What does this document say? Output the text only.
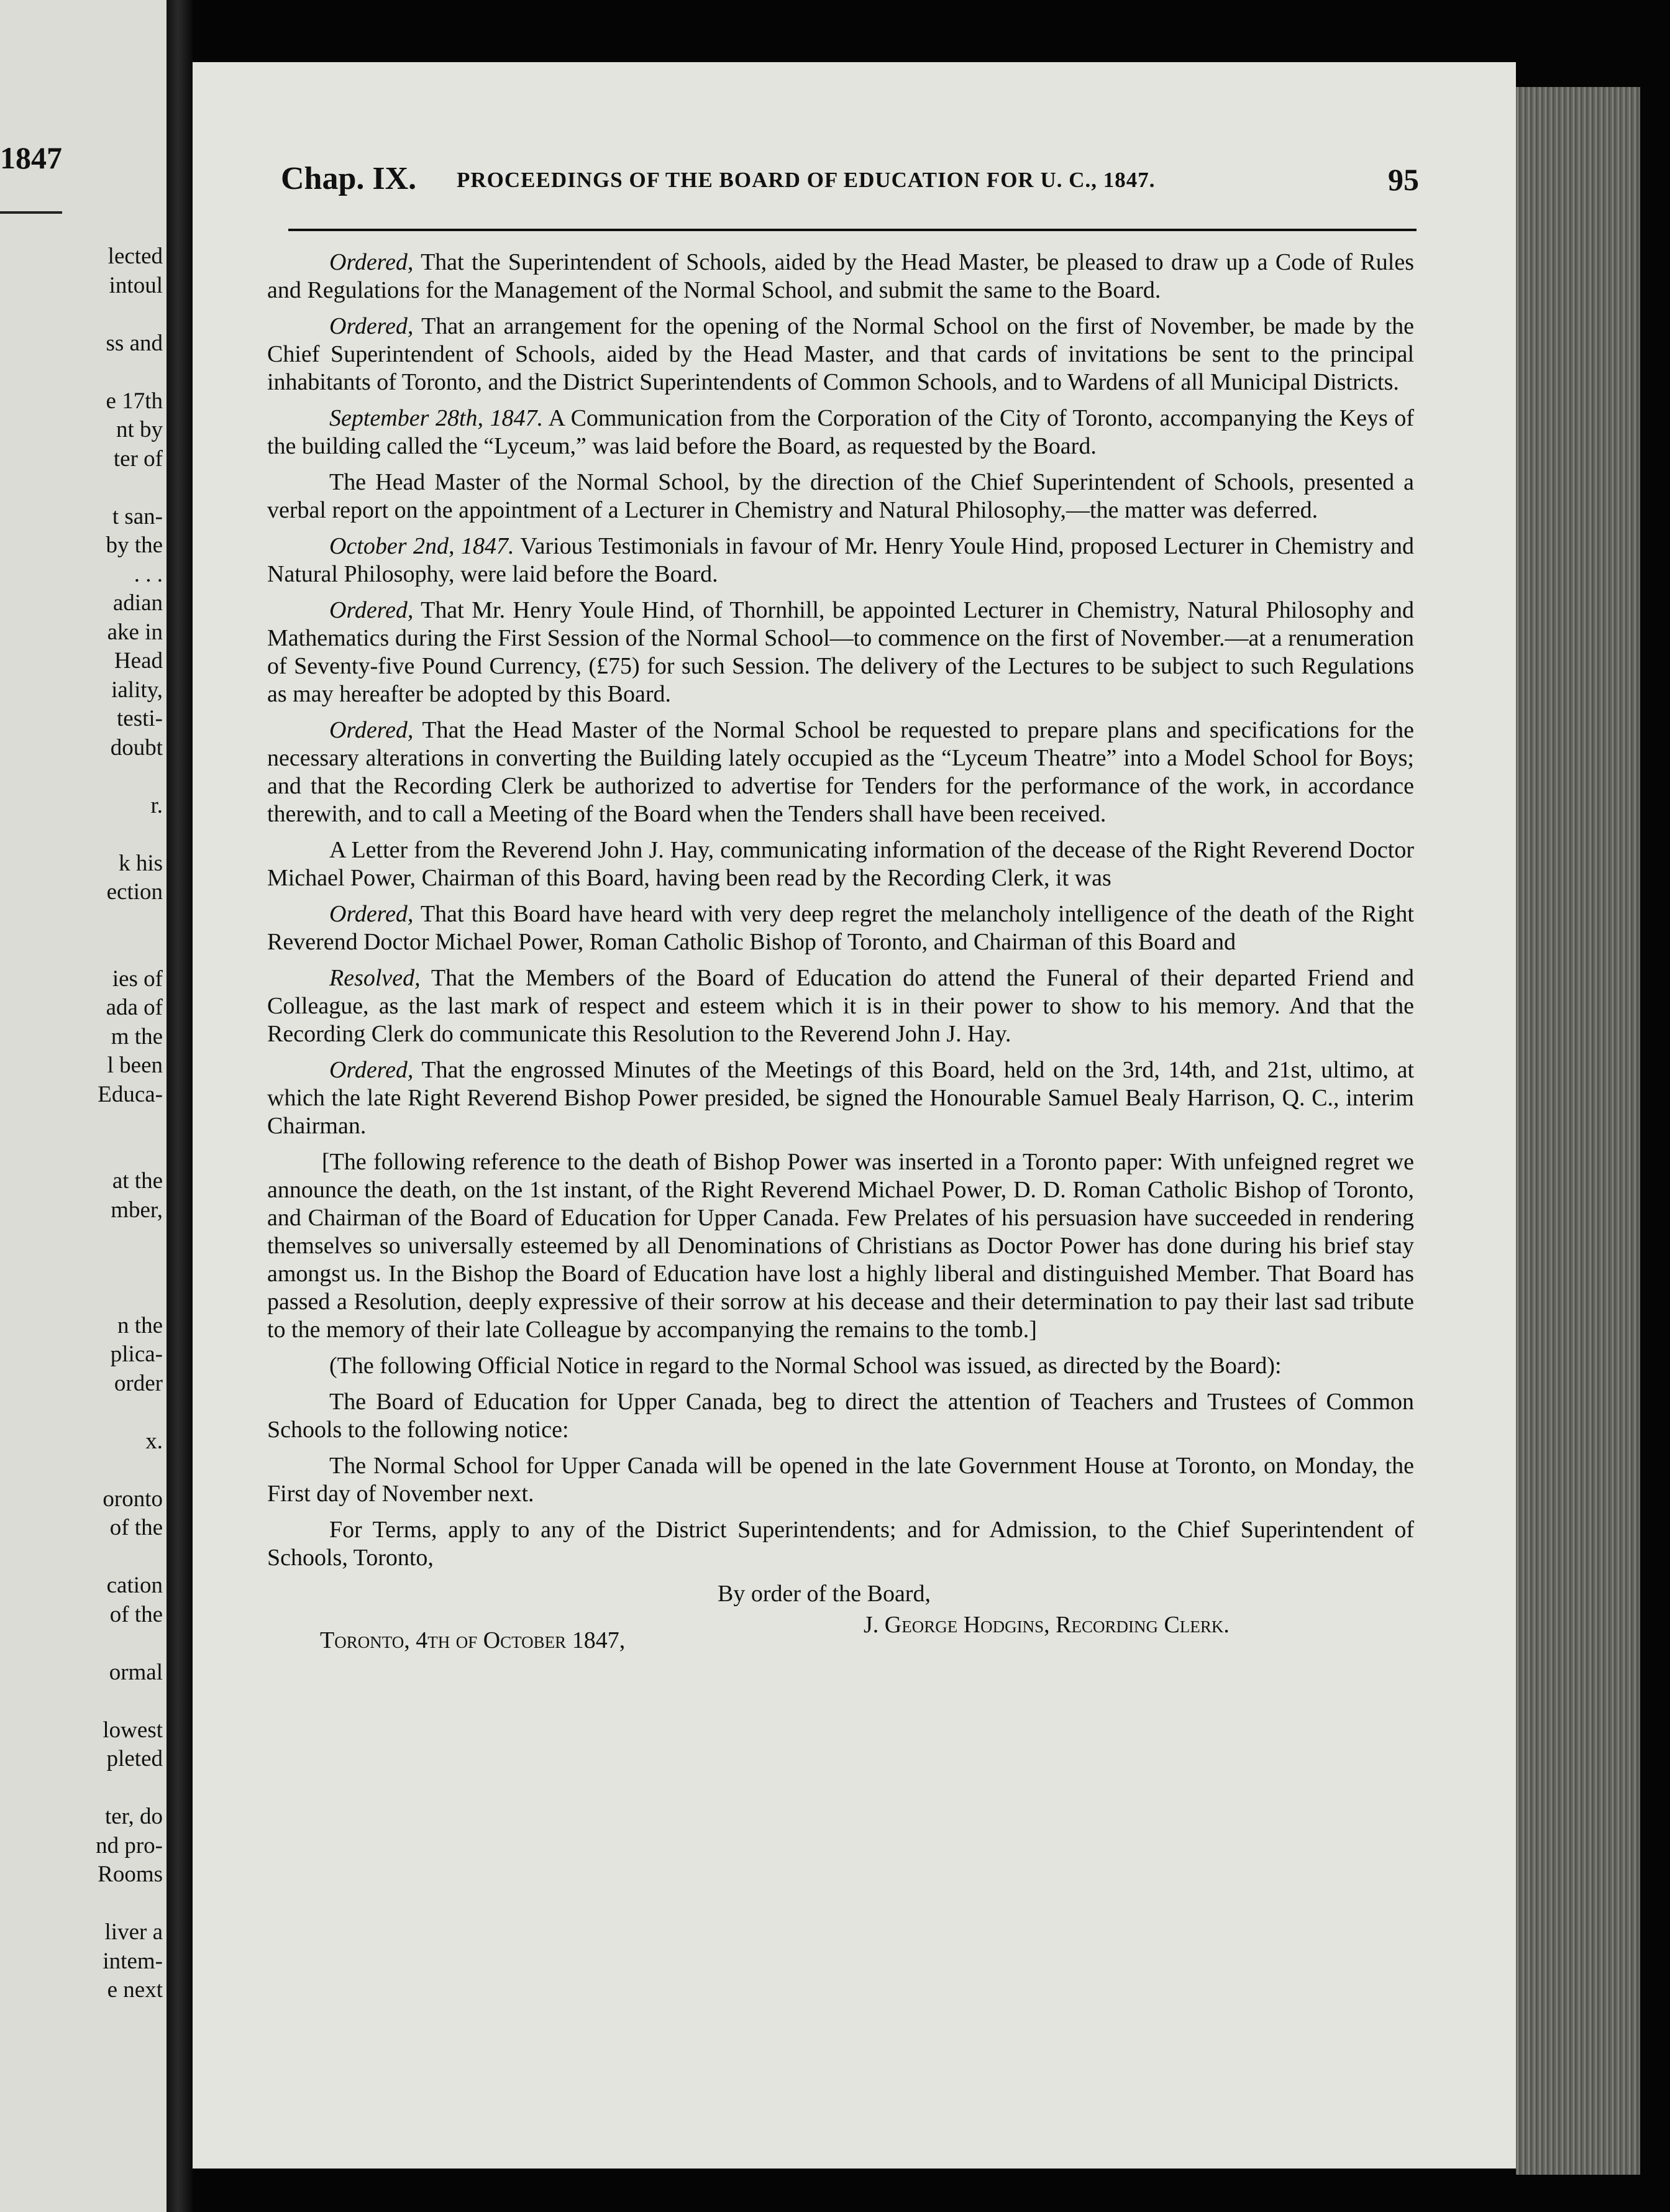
1847
lected
intoul

ss and

e 17th
nt by
ter of

t san-
by the
. . .
adian
ake in
Head
iality,
testi-
doubt

r.

k his
ection

ies of
ada of
m the
l been
Educa-

at the
mber,

n the
plica-
order

x.

oronto
of the

cation
of the

ormal

lowest
pleted

ter, do
nd pro-
Rooms

liver a
intem-
e next
Chap. IX. PROCEEDINGS OF THE BOARD OF EDUCATION FOR U. C., 1847.	95

Ordered, That the Superintendent of Schools, aided by the Head Master, be pleased to draw up a Code of Rules and Regulations for the Management of the Normal School, and submit the same to the Board.

Ordered, That an arrangement for the opening of the Normal School on the first of November, be made by the Chief Superintendent of Schools, aided by the Head Master, and that cards of invitations be sent to the principal inhabitants of Toronto, and the District Superintendents of Common Schools, and to Wardens of all Municipal Districts.

September 28th, 1847. A Communication from the Corporation of the City of Toronto, accompanying the Keys of the building called the “Lyceum,” was laid before the Board, as requested by the Board.

The Head Master of the Normal School, by the direction of the Chief Superintendent of Schools, presented a verbal report on the appointment of a Lecturer in Chemistry and Natural Philosophy,—the matter was deferred.

October 2nd, 1847. Various Testimonials in favour of Mr. Henry Youle Hind, proposed Lecturer in Chemistry and Natural Philosophy, were laid before the Board.

Ordered, That Mr. Henry Youle Hind, of Thornhill, be appointed Lecturer in Chemistry, Natural Philosophy and Mathematics during the First Session of the Normal School—to commence on the first of November.—at a renumeration of Seventy-five Pound Currency, (£75) for such Session. The delivery of the Lectures to be subject to such Regulations as may hereafter be adopted by this Board.

Ordered, That the Head Master of the Normal School be requested to prepare plans and specifications for the necessary alterations in converting the Building lately occupied as the “Lyceum Theatre” into a Model School for Boys; and that the Recording Clerk be authorized to advertise for Tenders for the performance of the work, in accordance therewith, and to call a Meeting of the Board when the Tenders shall have been received.

A Letter from the Reverend John J. Hay, communicating information of the decease of the Right Reverend Doctor Michael Power, Chairman of this Board, having been read by the Recording Clerk, it was

Ordered, That this Board have heard with very deep regret the melancholy intelligence of the death of the Right Reverend Doctor Michael Power, Roman Catholic Bishop of Toronto, and Chairman of this Board and

Resolved, That the Members of the Board of Education do attend the Funeral of their departed Friend and Colleague, as the last mark of respect and esteem which it is in their power to show to his memory. And that the Recording Clerk do communicate this Resolution to the Reverend John J. Hay.

Ordered, That the engrossed Minutes of the Meetings of this Board, held on the 3rd, 14th, and 21st, ultimo, at which the late Right Reverend Bishop Power presided, be signed the Honourable Samuel Bealy Harrison, Q. C., interim Chairman.

[The following reference to the death of Bishop Power was inserted in a Toronto paper: With unfeigned regret we announce the death, on the 1st instant, of the Right Reverend Michael Power, D. D. Roman Catholic Bishop of Toronto, and Chairman of the Board of Education for Upper Canada. Few Prelates of his persuasion have succeeded in rendering themselves so universally esteemed by all Denominations of Christians as Doctor Power has done during his brief stay amongst us. In the Bishop the Board of Education have lost a highly liberal and distinguished Member. That Board has passed a Resolution, deeply expressive of their sorrow at his decease and their determination to pay their last sad tribute to the memory of their late Colleague by accompanying the remains to the tomb.]

(The following Official Notice in regard to the Normal School was issued, as directed by the Board):

The Board of Education for Upper Canada, beg to direct the attention of Teachers and Trustees of Common Schools to the following notice:

The Normal School for Upper Canada will be opened in the late Government House at Toronto, on Monday, the First day of November next.

For Terms, apply to any of the District Superintendents; and for Admission, to the Chief Superintendent of Schools, Toronto,

By order of the Board,
J. George Hodgins, Recording Clerk.
Toronto, 4th of October 1847,
